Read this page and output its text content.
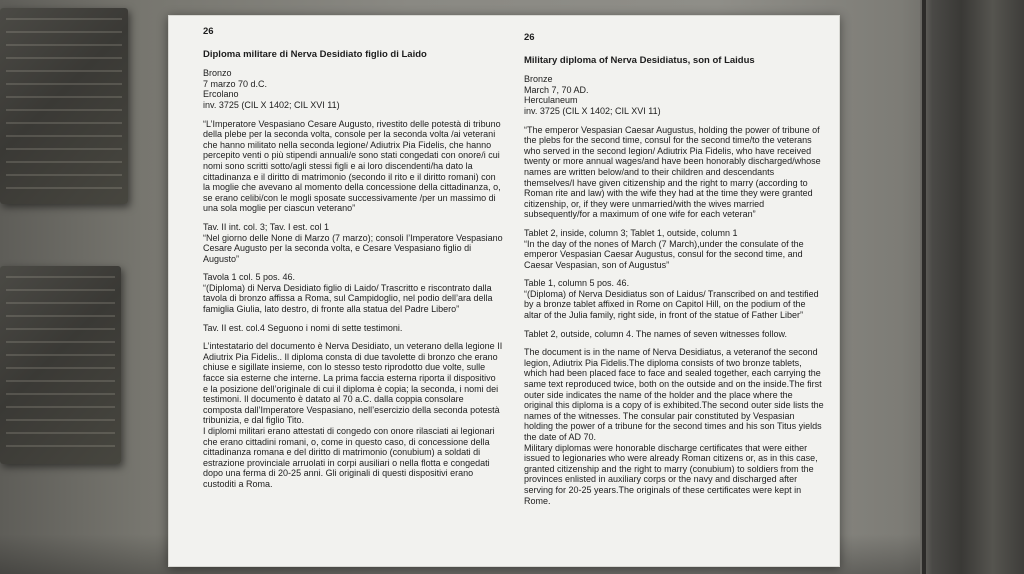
26
Diploma militare di Nerva Desidiato figlio di Laido
Bronzo
7 marzo 70 d.C.
Ercolano
inv. 3725 (CIL X 1402; CIL XVI 11)

“L’Imperatore Vespasiano Cesare Augusto, rivestito delle potestà di tribuno della plebe per la seconda volta, console per la seconda volta /ai veterani che hanno militato nella seconda legione/ Adiutrix Pia Fidelis, che hanno percepito venti o più stipendi annuali/e sono stati congedati con onore/i cui nomi sono scritti sotto/agli stessi figli e ai loro discendenti/ha dato la cittadinanza e il diritto di matrimonio (secondo il rito e il diritto romani) con la moglie che avevano al momento della concessione della cittadinanza, o, se erano celibi/con le mogli sposate successivamente /per un massimo di una sola moglie per ciascun veterano”

Tav. II int. col. 3; Tav. I est. col 1

“Nel giorno delle None di Marzo (7 marzo); consoli l’Imperatore Vespasiano Cesare Augusto per la seconda volta, e Cesare Vespasiano figlio di Augusto”

Tavola 1 col. 5 pos. 46.

“(Diploma) di Nerva Desidiato figlio di Laido/ Trascritto e riscontrato dalla tavola di bronzo affissa a Roma, sul Campidoglio, nel podio dell’ara della famiglia Giulia, lato destro, di fronte alla statua del Padre Libero”

Tav. II est. col.4 Seguono i nomi di sette testimoni.

L’intestatario del documento è Nerva Desidiato, un veterano della legione II Adiutrix Pia Fidelis.. Il diploma consta di due tavolette di bronzo che erano chiuse e sigillate insieme, con lo stesso testo riprodotto due volte, sulle facce sia esterne che interne. La prima faccia esterna riporta il dispositivo e la posizione dell’originale di cui il diploma è copia; la seconda, i nomi dei testimoni. Il documento è datato al 70 a.C. dalla coppia consolare composta dall’Imperatore Vespasiano, nell’esercizio della seconda potestà tribunizia, e dal figlio Tito.

I diplomi militari erano attestati di congedo con onore rilasciati ai legionari che erano cittadini romani, o, come in questo caso, di concessione della cittadinanza romana e del diritto di matrimonio (conubium) a soldati di estrazione provinciale arruolati in corpi ausiliari o nella flotta e congedati dopo una ferma di 20-25 anni. Gli originali di questi dispositivi erano custoditi a Roma.

26
Military diploma of Nerva Desidiatus, son of Laidus
Bronze
March 7, 70 AD.
Herculaneum
inv. 3725 (CIL X 1402; CIL XVI 11)

“The emperor Vespasian Caesar Augustus, holding the power of tribune of the plebs for the second time, consul for the second time/to the veterans who served in the second legion/ Adiutrix Pia Fidelis, who have received twenty or more annual wages/and have been honorably discharged/whose names are written below/and to their children and descendants themselves/I have given citizenship and the right to marry (according to Roman rite and law) with the wife they had at the time they were granted citizenship, or, if they were unmarried/with the wives married subsequently/for a maximum of one wife for each veteran”

Tablet 2, inside, column 3; Tablet 1, outside, column 1

“In the day of the nones of March (7 March),under the consulate of the emperor Vespasian Caesar Augustus, consul for the second time, and Caesar Vespasian, son of Augustus”

Table 1, column 5 pos. 46.

“(Diploma) of Nerva Desidiatus son of Laidus/ Transcribed on and testified by a bronze tablet affixed in Rome on Capitol Hill, on the podium of the altar of the Julia family, right side, in front of the statue of Father Liber”

Tablet 2, outside, column 4. The names of seven witnesses follow.

The document is in the name of Nerva Desidiatus, a veteranof the second legion, Adiutrix Pia Fidelis.The diploma consists of two bronze tablets, which had been placed face to face and sealed together, each carrying the same text reproduced twice, both on the outside and on the inside.The first outer side indicates the name of the holder and the place where the original this diploma is a copy of is exhibited.The second outer side lists the names of the witnesses. The consular pair constituted by Vespasian holding the power of a tribune for the second times and his son Titus yields the date of AD 70.

Military diplomas were honorable discharge certificates that were either issued to legionaries who were already Roman citizens or, as in this case, granted citizenship and the right to marry (conubium) to soldiers from the provinces enlisted in auxiliary corps or the navy and discharged after serving for 20-25 years.The originals of these certificates were kept in Rome.
